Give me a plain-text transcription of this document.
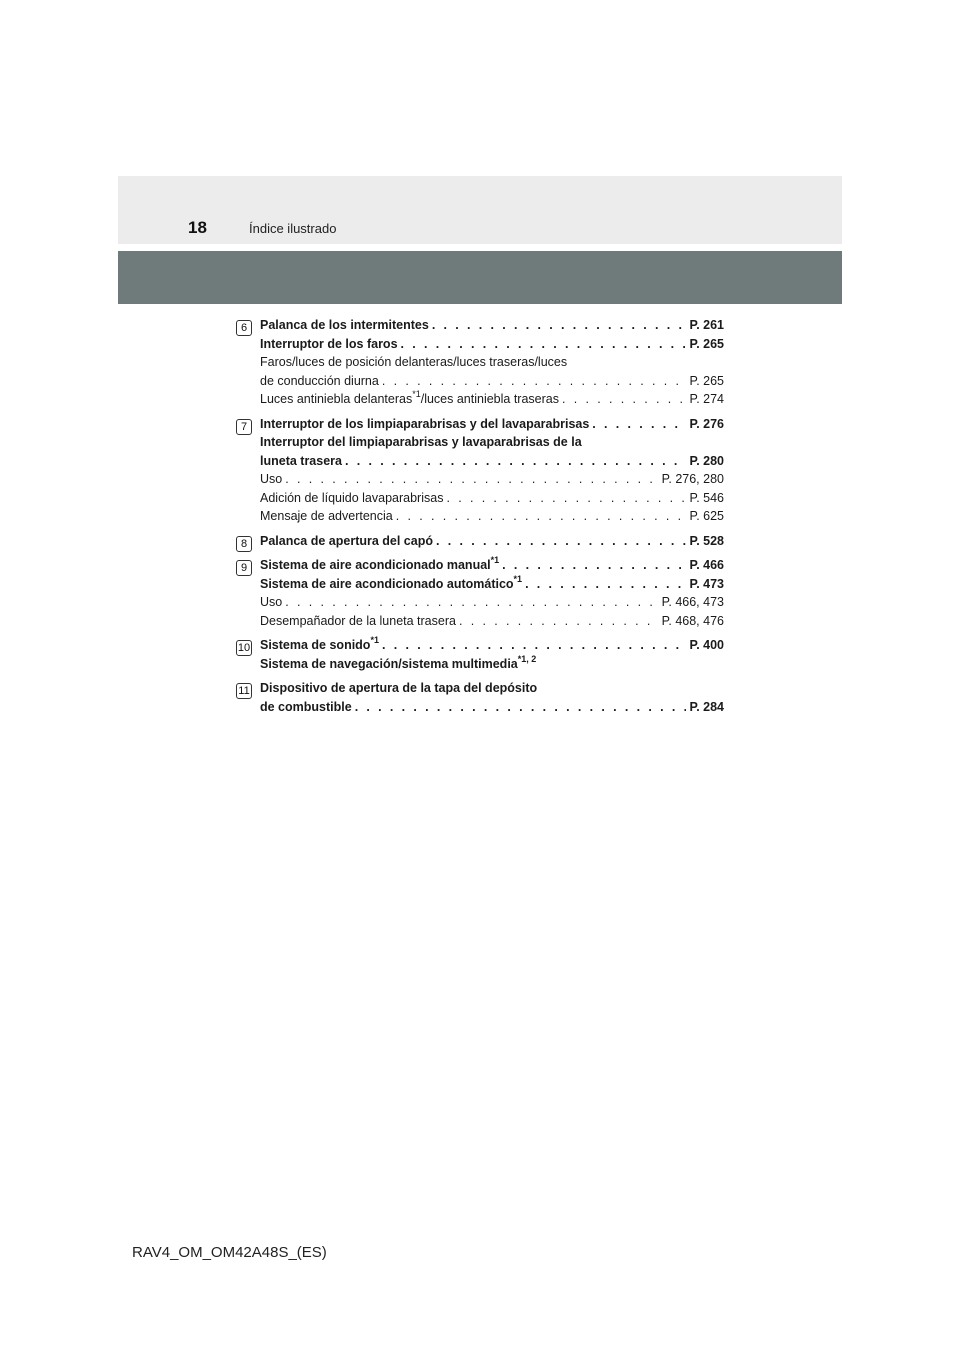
18	Índice ilustrado
6	Palanca de los intermitentes . . .	P. 261
Interruptor de los faros . . .	P. 265
Faros/luces de posición delanteras/luces traseras/luces
de conducción diurna . . .	P. 265
Luces antiniebla delanteras$^{*1}$/luces antiniebla traseras . . .	P. 274
7	Interruptor de los limpiaparabrisas y del lavaparabrisas . . .	P. 276
Interruptor del limpiaparabrisas y lavaparabrisas de la
luneta trasera . . .	P. 280
Uso . . .	P. 276, 280
Adición de líquido lavaparabrisas . . .	P. 546
Mensaje de advertencia . . .	P. 625
8	Palanca de apertura del capó . . .	P. 528
9	Sistema de aire acondicionado manual$^{*1}$ . . .	P. 466
Sistema de aire acondicionado automático$^{*1}$ . . .	P. 473
Uso . . .	P. 466, 473
Desempañador de la luneta trasera . . .	P. 468, 476
10 Sistema de sonido$^{*1}$ . . .	P. 400
Sistema de navegación/sistema multimedia$^{*1, 2}$
11 Dispositivo de apertura de la tapa del depósito
de combustible . . .	P. 284
RAV4_OM_OM42A48S_(ES)
